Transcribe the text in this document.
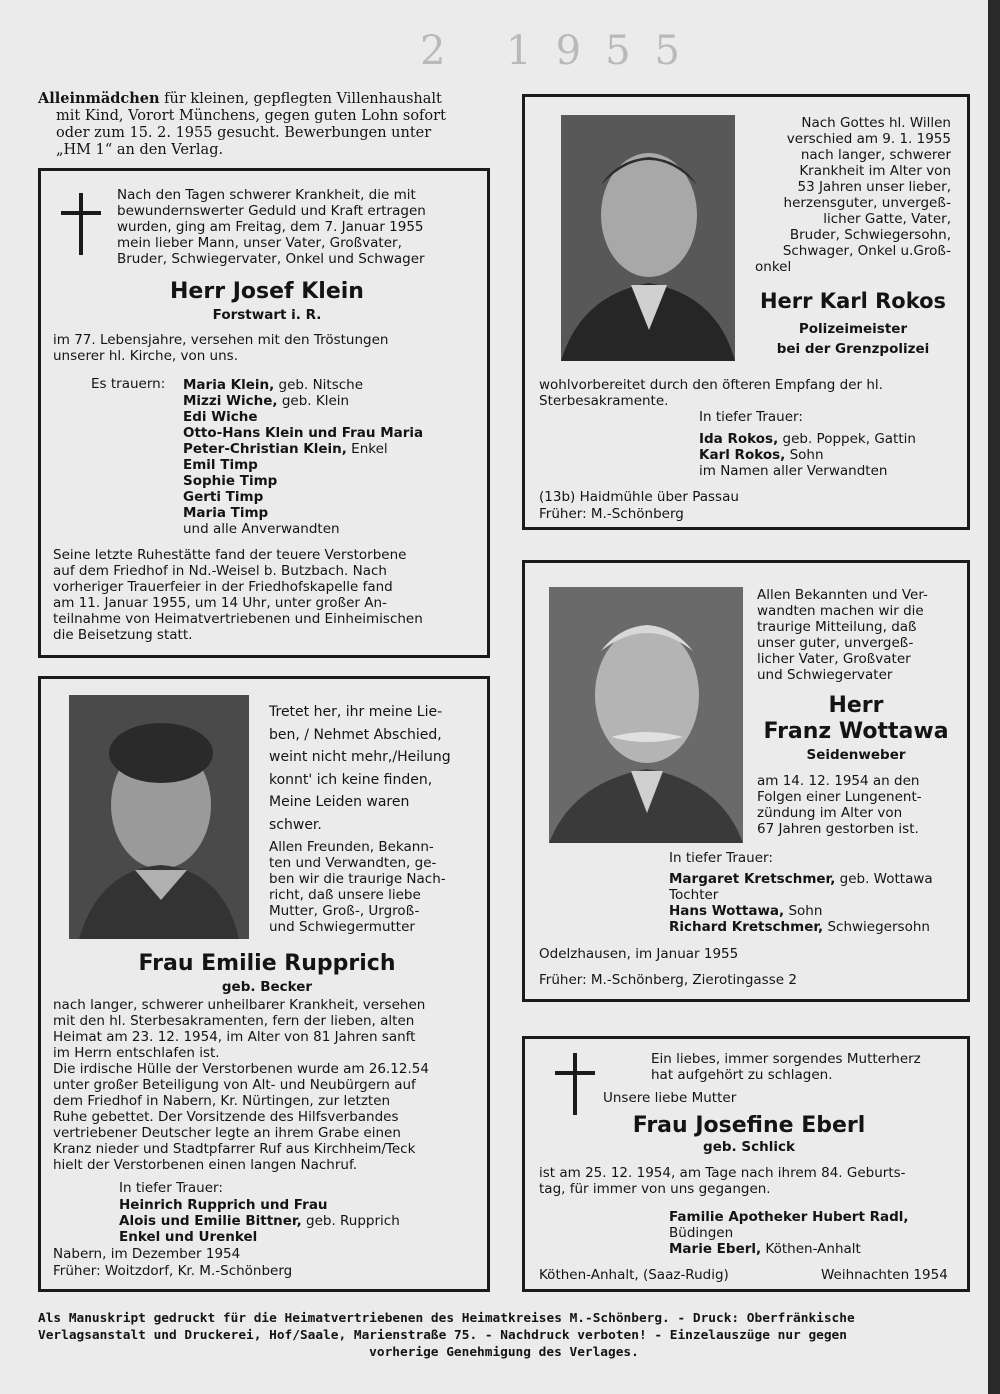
2 1955
Alleinmädchen für kleinen, gepflegten Villenhaushalt
mit Kind, Vorort Münchens, gegen guten Lohn sofort
oder zum 15. 2. 1955 gesucht. Bewerbungen unter
„HM 1“ an den Verlag.
Nach den Tagen schwerer Krankheit, die mit
bewundernswerter Geduld und Kraft ertragen
wurden, ging am Freitag, dem 7. Januar 1955
mein lieber Mann, unser Vater, Großvater,
Bruder, Schwiegervater, Onkel und Schwager
Herr Josef Klein
Forstwart i. R.
im 77. Lebensjahre, versehen mit den Tröstungen
unserer hl. Kirche, von uns.
Es trauern: Maria Klein, geb. Nitsche
Mizzi Wiche, geb. Klein
Edi Wiche
Otto-Hans Klein und Frau Maria
Peter-Christian Klein, Enkel
Emil Timp
Sophie Timp
Gerti Timp
Maria Timp
und alle Anverwandten
Seine letzte Ruhestätte fand der teuere Verstorbene
auf dem Friedhof in Nd.-Weisel b. Butzbach. Nach
vorheriger Trauerfeier in der Friedhofskapelle fand
am 11. Januar 1955, um 14 Uhr, unter großer An-
teilnahme von Heimatvertriebenen und Einheimischen
die Beisetzung statt.
Tretet her, ihr meine Lie-
ben, / Nehmet Abschied,
weint nicht mehr,/Heilung
konnt' ich keine finden,
Meine Leiden waren
schwer.
Allen Freunden, Bekann-
ten und Verwandten, ge-
ben wir die traurige Nach-
richt, daß unsere liebe
Mutter, Groß-, Urgroß-
und Schwiegermutter
Frau Emilie Rupprich
geb. Becker
nach langer, schwerer unheilbarer Krankheit, versehen
mit den hl. Sterbesakramenten, fern der lieben, alten
Heimat am 23. 12. 1954, im Alter von 81 Jahren sanft
im Herrn entschlafen ist.
Die irdische Hülle der Verstorbenen wurde am 26.12.54
unter großer Beteiligung von Alt- und Neubürgern auf
dem Friedhof in Nabern, Kr. Nürtingen, zur letzten
Ruhe gebettet. Der Vorsitzende des Hilfsverbandes
vertriebener Deutscher legte an ihrem Grabe einen
Kranz nieder und Stadtpfarrer Ruf aus Kirchheim/Teck
hielt der Verstorbenen einen langen Nachruf.
In tiefer Trauer:
Heinrich Rupprich und Frau
Alois und Emilie Bittner, geb. Rupprich
Enkel und Urenkel
Nabern, im Dezember 1954
Früher: Woitzdorf, Kr. M.-Schönberg
Nach Gottes hl. Willen
verschied am 9. 1. 1955
nach langer, schwerer
Krankheit im Alter von
53 Jahren unser lieber,
herzensguter, unvergeß-
licher Gatte, Vater,
Bruder, Schwiegersohn,
Schwager, Onkel u.Groß-
onkel
Herr Karl Rokos
Polizeimeister
bei der Grenzpolizei
wohlvorbereitet durch den öfteren Empfang der hl.
Sterbesakramente.
In tiefer Trauer:
Ida Rokos, geb. Poppek, Gattin
Karl Rokos, Sohn
im Namen aller Verwandten
(13b) Haidmühle über Passau
Früher: M.-Schönberg
Allen Bekannten und Ver-
wandten machen wir die
traurige Mitteilung, daß
unser guter, unvergeß-
licher Vater, Großvater
und Schwiegervater
Herr
Franz Wottawa
Seidenweber
am 14. 12. 1954 an den
Folgen einer Lungenent-
zündung im Alter von
67 Jahren gestorben ist.
In tiefer Trauer:
Margaret Kretschmer, geb. Wottawa
Tochter
Hans Wottawa, Sohn
Richard Kretschmer, Schwiegersohn
Odelzhausen, im Januar 1955
Früher: M.-Schönberg, Zierotingasse 2
Ein liebes, immer sorgendes Mutterherz
hat aufgehört zu schlagen.
Unsere liebe Mutter
Frau Josefine Eberl
geb. Schlick
ist am 25. 12. 1954, am Tage nach ihrem 84. Geburts-
tag, für immer von uns gegangen.
Familie Apotheker Hubert Radl,
Büdingen
Marie Eberl, Köthen-Anhalt
Köthen-Anhalt, (Saaz-Rudig)	Weihnachten 1954
Als Manuskript gedruckt für die Heimatvertriebenen des Heimatkreises M.-Schönberg. - Druck: Oberfränkische
Verlagsanstalt und Druckerei, Hof/Saale, Marienstraße 75. - Nachdruck verboten! - Einzelauszüge nur gegen
vorherige Genehmigung des Verlages.
